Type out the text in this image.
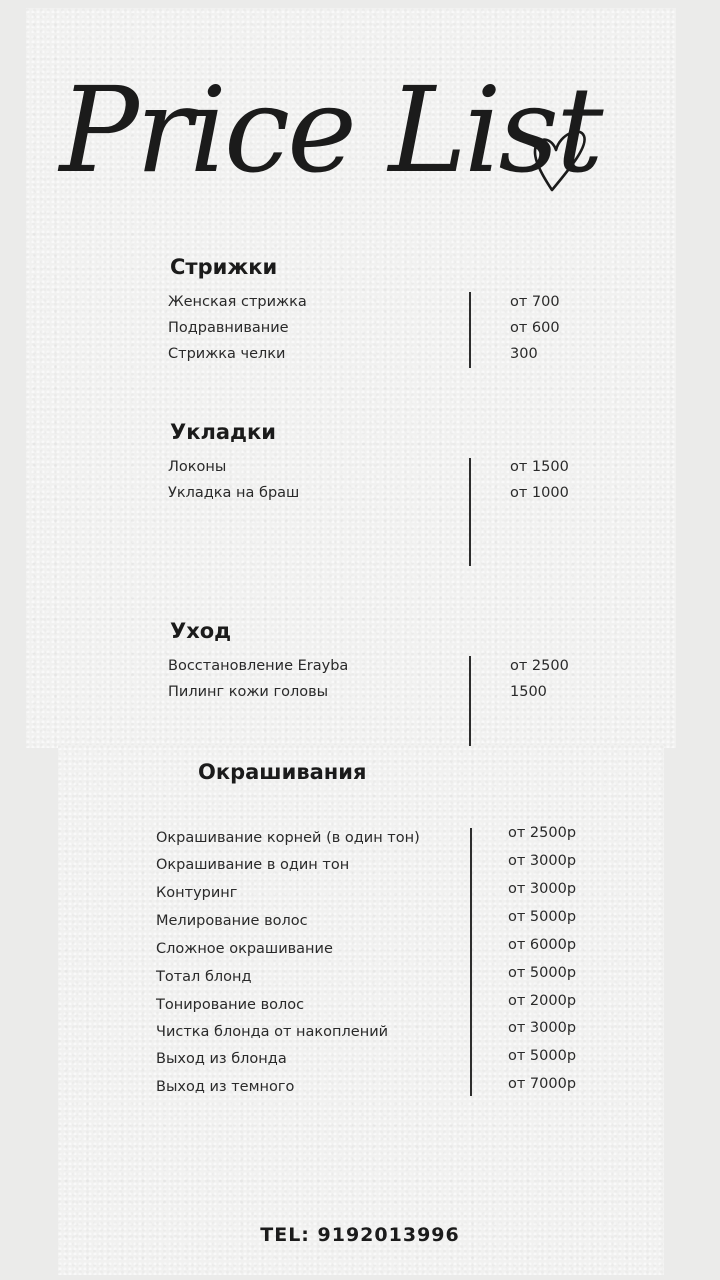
Price List
Стрижки
Женская стрижка	от 700
Подравнивание	от 600
Стрижка челки	300
Укладки
Локоны	от 1500
Укладка на браш	от 1000
Уход
Восстановление Erayba	от 2500
Пилинг кожи головы	1500
Окрашивания
Окрашивание корней (в один тон)	от 2500р
Окрашивание в один тон	от 3000р
Контуринг	от 3000р
Мелирование волос	от 5000р
Сложное окрашивание	от 6000р
Тотал блонд	от 5000р
Тонирование волос	от 2000р
Чистка блонда от накоплений	от 3000р
Выход из блонда	от 5000р
Выход из темного	от 7000р
TEL: 9192013996
